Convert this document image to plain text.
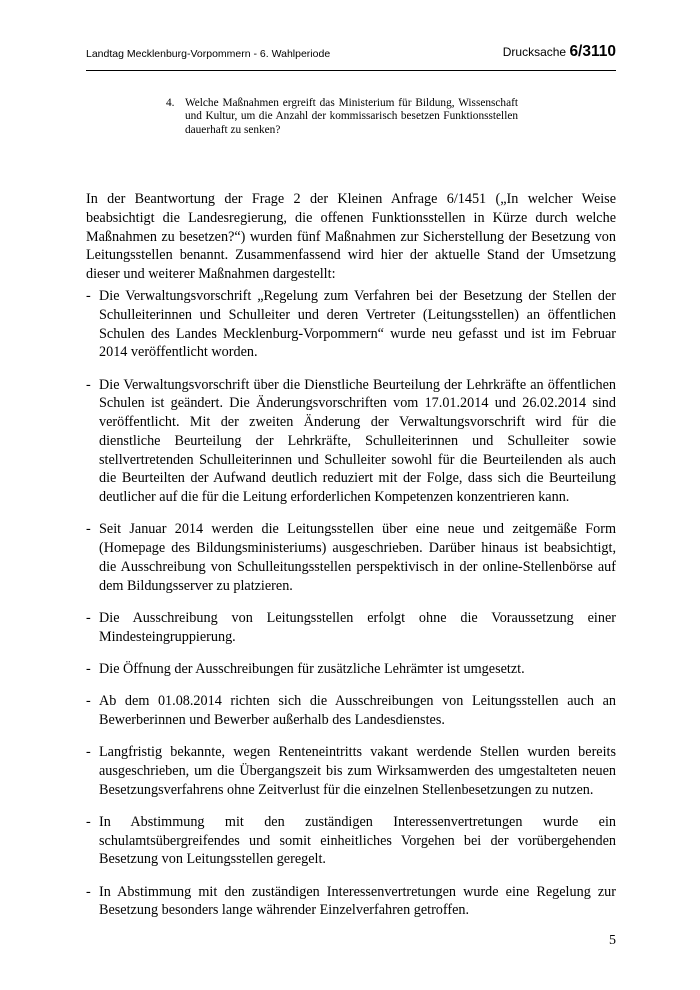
Landtag Mecklenburg-Vorpommern - 6. Wahlperiode	Drucksache 6/3110
4. Welche Maßnahmen ergreift das Ministerium für Bildung, Wissenschaft und Kultur, um die Anzahl der kommissarisch besetzen Funktionsstellen dauerhaft zu senken?

In der Beantwortung der Frage 2 der Kleinen Anfrage 6/1451 („In welcher Weise beabsichtigt die Landesregierung, die offenen Funktionsstellen in Kürze durch welche Maßnahmen zu besetzen?“) wurden fünf Maßnahmen zur Sicherstellung der Besetzung von Leitungsstellen benannt. Zusammenfassend wird hier der aktuelle Stand der Umsetzung dieser und weiterer Maßnahmen dargestellt:

- Die Verwaltungsvorschrift „Regelung zum Verfahren bei der Besetzung der Stellen der Schulleiterinnen und Schulleiter und deren Vertreter (Leitungsstellen) an öffentlichen Schulen des Landes Mecklenburg-Vorpommern“ wurde neu gefasst und ist im Februar 2014 veröffentlicht worden.
- Die Verwaltungsvorschrift über die Dienstliche Beurteilung der Lehrkräfte an öffentlichen Schulen ist geändert. Die Änderungsvorschriften vom 17.01.2014 und 26.02.2014 sind veröffentlicht. Mit der zweiten Änderung der Verwaltungsvorschrift wird für die dienstliche Beurteilung der Lehrkräfte, Schulleiterinnen und Schulleiter sowie stellvertretenden Schulleiterinnen und Schulleiter sowohl für die Beurteilenden als auch die Beurteilten der Aufwand deutlich reduziert mit der Folge, dass sich die Beurteilung deutlicher auf die für die Leitung erforderlichen Kompetenzen konzentrieren kann.
- Seit Januar 2014 werden die Leitungsstellen über eine neue und zeitgemäße Form (Homepage des Bildungsministeriums) ausgeschrieben. Darüber hinaus ist beabsichtigt, die Ausschreibung von Schulleitungsstellen perspektivisch in der online-Stellenbörse auf dem Bildungsserver zu platzieren.
- Die Ausschreibung von Leitungsstellen erfolgt ohne die Voraussetzung einer Mindesteingruppierung.
- Die Öffnung der Ausschreibungen für zusätzliche Lehrämter ist umgesetzt.
- Ab dem 01.08.2014 richten sich die Ausschreibungen von Leitungsstellen auch an Bewerberinnen und Bewerber außerhalb des Landesdienstes.
- Langfristig bekannte, wegen Renteneintritts vakant werdende Stellen wurden bereits ausgeschrieben, um die Übergangszeit bis zum Wirksamwerden des umgestalteten neuen Besetzungsverfahrens ohne Zeitverlust für die einzelnen Stellenbesetzungen zu nutzen.
- In Abstimmung mit den zuständigen Interessenvertretungen wurde ein schulamtsübergreifendes und somit einheitliches Vorgehen bei der vorübergehenden Besetzung von Leitungsstellen geregelt.
- In Abstimmung mit den zuständigen Interessenvertretungen wurde eine Regelung zur Besetzung besonders lange währender Einzelverfahren getroffen.
5
